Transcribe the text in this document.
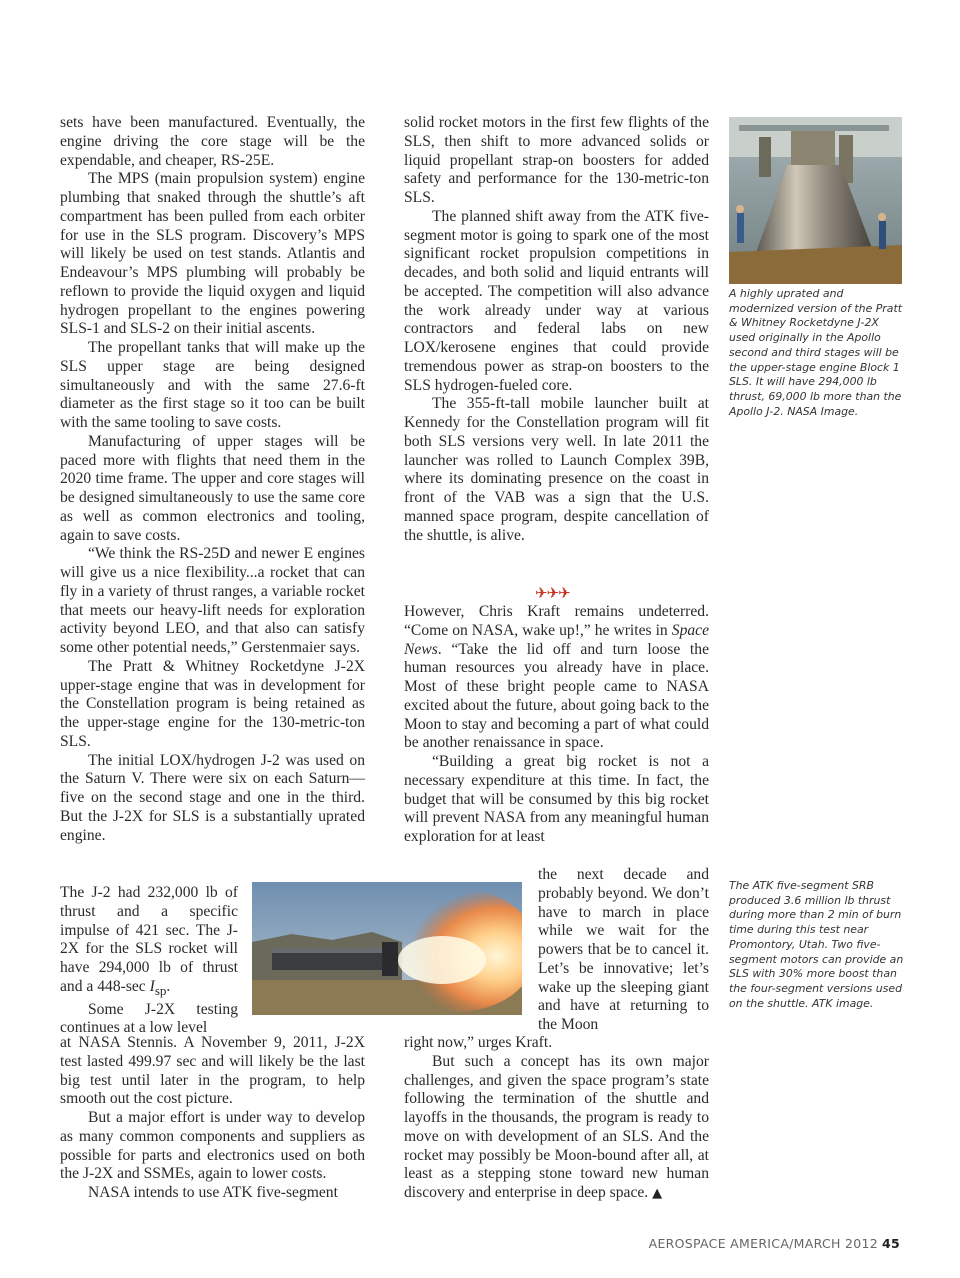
sets have been manufactured. Eventually, the engine driving the core stage will be the expendable, and cheaper, RS-25E.

The MPS (main propulsion system) engine plumbing that snaked through the shuttle’s aft compartment has been pulled from each orbiter for use in the SLS program. Discovery’s MPS will likely be used on test stands. Atlantis and Endeavour’s MPS plumbing will probably be reflown to provide the liquid oxygen and liquid hydrogen propellant to the engines powering SLS-1 and SLS-2 on their initial ascents.

The propellant tanks that will make up the SLS upper stage are being designed simultaneously and with the same 27.6-ft diameter as the first stage so it too can be built with the same tooling to save costs.

Manufacturing of upper stages will be paced more with flights that need them in the 2020 time frame. The upper and core stages will be designed simultaneously to use the same core as well as common electronics and tooling, again to save costs.

“We think the RS-25D and newer E engines will give us a nice flexibility...a rocket that can fly in a variety of thrust ranges, a variable rocket that meets our heavy-lift needs for exploration activity beyond LEO, and that also can satisfy some other potential needs,” Gerstenmaier says.

The Pratt & Whitney Rocketdyne J-2X upper-stage engine that was in development for the Constellation program is being retained as the upper-stage engine for the 130-metric-ton SLS.

The initial LOX/hydrogen J-2 was used on the Saturn V. There were six on each Saturn—five on the second stage and one in the third. But the J-2X for SLS is a substantially uprated engine.

The J-2 had 232,000 lb of thrust and a specific impulse of 421 sec. The J-2X for the SLS rocket will have 294,000 lb of thrust and a 448-sec $I_{sp}$.

Some J-2X testing continues at a low level

at NASA Stennis. A November 9, 2011, J-2X test lasted 499.97 sec and will likely be the last big test until later in the program, to help smooth out the cost picture.

But a major effort is under way to develop as many common components and suppliers as possible for parts and electronics used on both the J-2X and SSMEs, again to lower costs.

NASA intends to use ATK five-segment

solid rocket motors in the first few flights of the SLS, then shift to more advanced solids or liquid propellant strap-on boosters for added safety and performance for the 130-metric-ton SLS.

The planned shift away from the ATK five-segment motor is going to spark one of the most significant rocket propulsion competitions in decades, and both solid and liquid entrants will be accepted. The competition will also advance the work already under way at various contractors and federal labs on new LOX/kerosene engines that could provide tremendous power as strap-on boosters to the SLS hydrogen-fueled core.

The 355-ft-tall mobile launcher built at Kennedy for the Constellation program will fit both SLS versions very well. In late 2011 the launcher was rolled to Launch Complex 39B, where its dominating presence on the coast in front of the VAB was a sign that the U.S. manned space program, despite cancellation of the shuttle, is alive.

✈✈✈

However, Chris Kraft remains undeterred. “Come on NASA, wake up!,” he writes in Space News. “Take the lid off and turn loose the human resources you already have in place. Most of these bright people came to NASA excited about the future, about going back to the Moon to stay and becoming a part of what could be another renaissance in space.

“Building a great big rocket is not a necessary expenditure at this time. In fact, the budget that will be consumed by this big rocket will prevent NASA from any meaningful human exploration for at least

the next decade and probably beyond. We don’t have to march in place while we wait for the powers that be to cancel it. Let’s be innovative; let’s wake up the sleeping giant and have at returning to the Moon

right now,” urges Kraft.

But such a concept has its own major challenges, and given the space program’s state following the termination of the shuttle and layoffs in the thousands, the program is ready to move on with development of an SLS. And the rocket may possibly be Moon-bound after all, at least as a stepping stone toward new human discovery and enterprise in deep space. ▲

A highly uprated and modernized version of the Pratt & Whitney Rocketdyne J-2X used originally in the Apollo second and third stages will be the upper-stage engine Block 1 SLS. It will have 294,000 lb thrust, 69,000 lb more than the Apollo J-2. NASA Image.
The ATK five-segment SRB produced 3.6 million lb thrust during more than 2 min of burn time during this test near Promontory, Utah. Two five-segment motors can provide an SLS with 30% more boost than the four-segment versions used on the shuttle. ATK image.
AEROSPACE AMERICA/MARCH 2012 45
